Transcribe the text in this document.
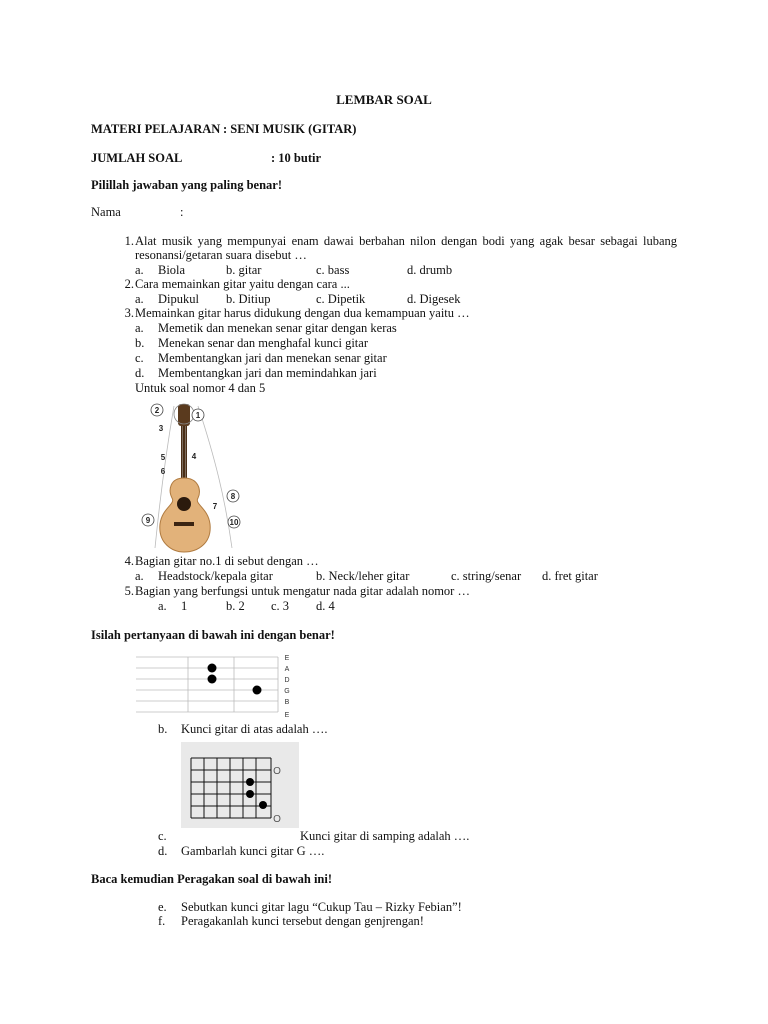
LEMBAR SOAL
MATERI PELAJARAN : SENI MUSIK (GITAR)
JUMLAH SOAL	: 10 butir
Pilillah jawaban yang paling benar!
Nama	:
1. Alat musik yang mempunyai enam dawai berbahan nilon dengan bodi yang agak besar sebagai lubang
resonansi/getaran suara disebut …
a. Biola	b. gitar	c. bass	d. drumb
2. Cara memainkan gitar yaitu dengan cara ...
a. Dipukul b. Ditiup	c. Dipetik	d. Digesek
3. Memainkan gitar harus didukung dengan dua kemampuan yaitu …
a. Memetik dan menekan senar gitar dengan keras
b. Menekan senar dan menghafal kunci gitar
c. Membentangkan jari dan menekan senar gitar
d. Membentangkan jari dan memindahkan jari
Untuk soal nomor 4 dan 5
2
1
3
4
5
6
7
8
9	10
4. Bagian gitar no.1 di sebut dengan …
a. Headstock/kepala gitar	b. Neck/leher gitar	c. string/senar d. fret gitar
5. Bagian yang berfungsi untuk mengatur nada gitar adalah nomor …
a. 1	b. 2 c. 3 d. 4
Isilah pertanyaan di bawah ini dengan benar!
E
A
D
G
B
E
b. Kunci gitar di atas adalah ….
O
O
c.	Kunci gitar di samping adalah ….
d. Gambarlah kunci gitar G ….
Baca kemudian Peragakan soal di bawah ini!
e. Sebutkan kunci gitar lagu “Cukup Tau – Rizky Febian”!
f. Peragakanlah kunci tersebut dengan genjrengan!
